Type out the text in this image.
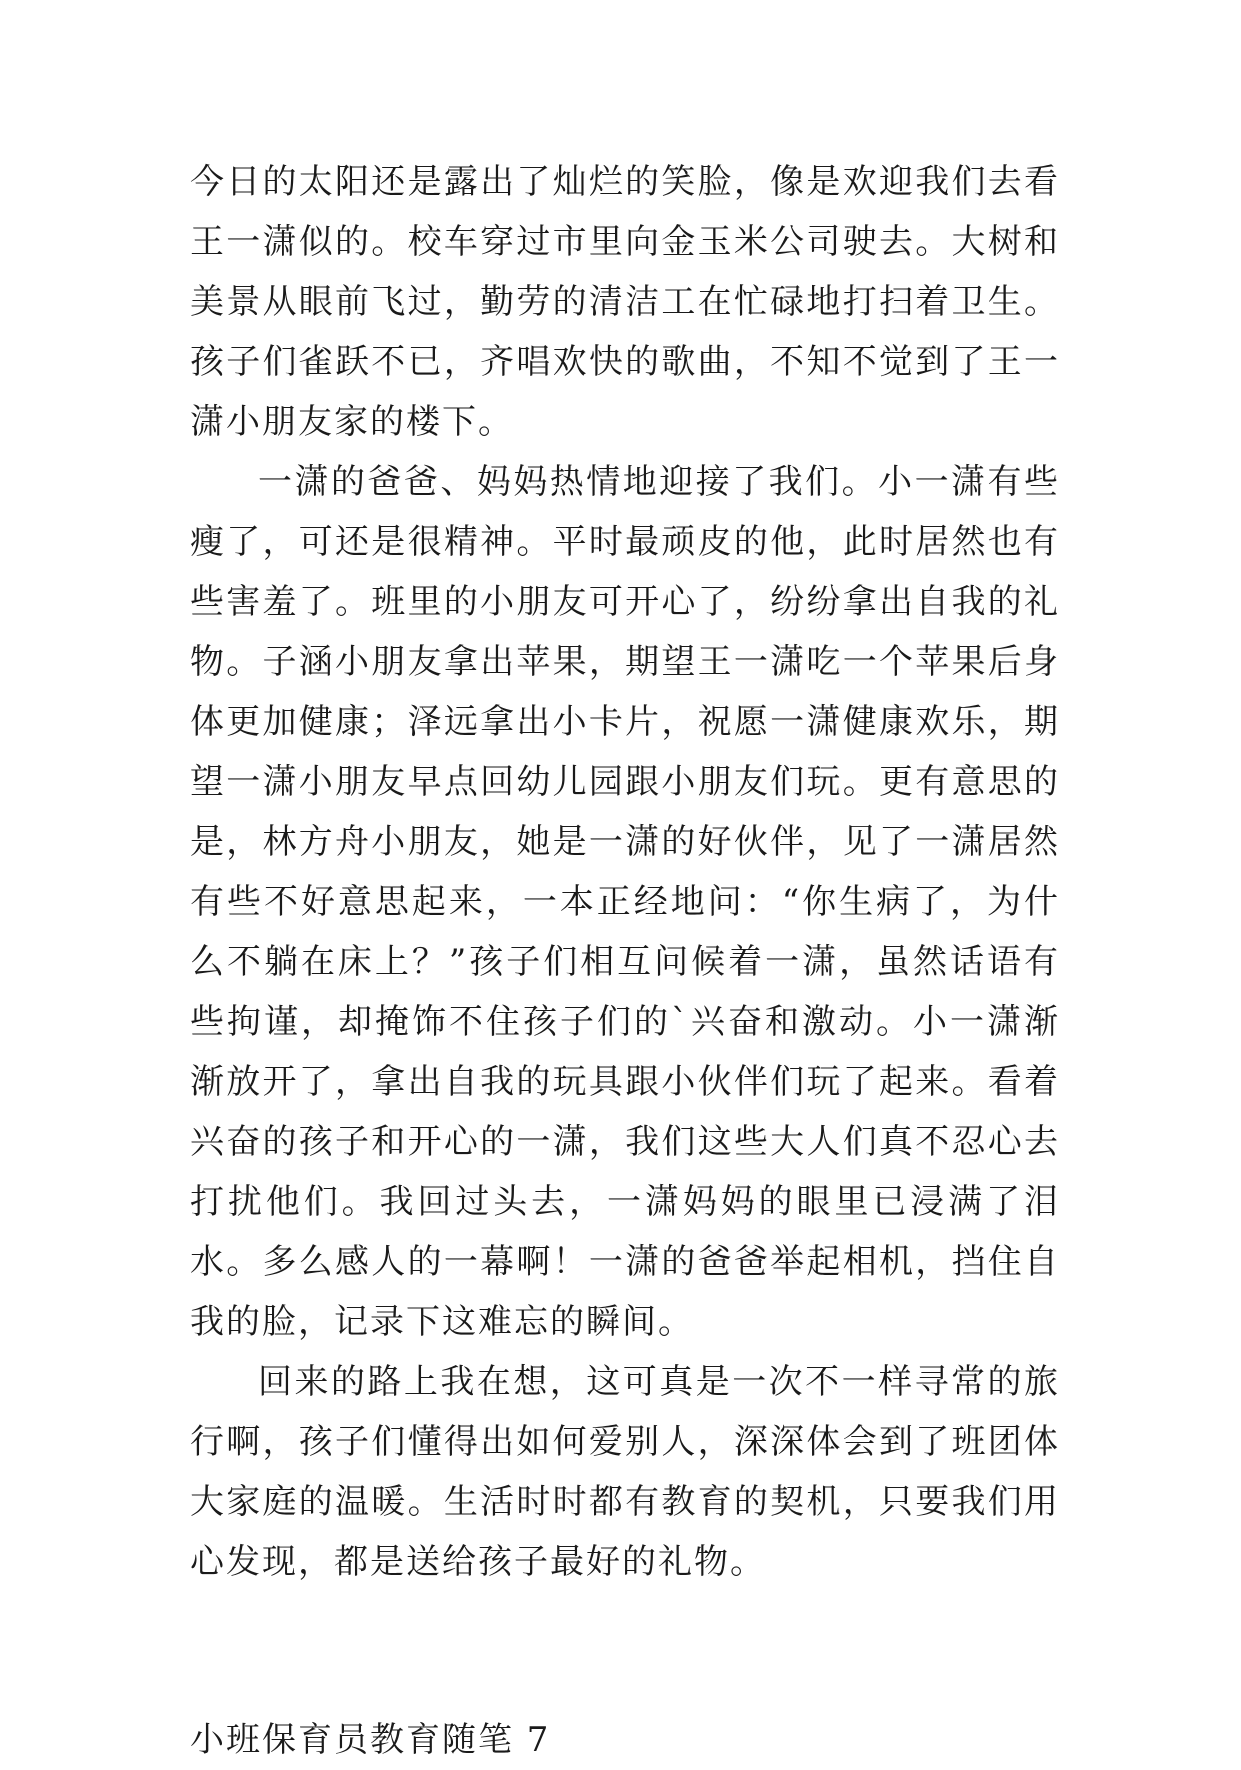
今日的太阳还是露出了灿烂的笑脸，像是欢迎我们去看王一潇似的。校车穿过市里向金玉米公司驶去。大树和美景从眼前飞过，勤劳的清洁工在忙碌地打扫着卫生。孩子们雀跃不已，齐唱欢快的歌曲，不知不觉到了王一潇小朋友家的楼下。

一潇的爸爸、妈妈热情地迎接了我们。小一潇有些瘦了，可还是很精神。平时最顽皮的他，此时居然也有些害羞了。班里的小朋友可开心了，纷纷拿出自我的礼物。子涵小朋友拿出苹果，期望王一潇吃一个苹果后身体更加健康；泽远拿出小卡片，祝愿一潇健康欢乐，期望一潇小朋友早点回幼儿园跟小朋友们玩。更有意思的是，林方舟小朋友，她是一潇的好伙伴，见了一潇居然有些不好意思起来，一本正经地问：“你生病了，为什么不躺在床上？”孩子们相互问候着一潇，虽然话语有些拘谨，却掩饰不住孩子们的`兴奋和激动。小一潇渐渐放开了，拿出自我的玩具跟小伙伴们玩了起来。看着兴奋的孩子和开心的一潇，我们这些大人们真不忍心去打扰他们。我回过头去，一潇妈妈的眼里已浸满了泪水。多么感人的一幕啊！一潇的爸爸举起相机，挡住自我的脸，记录下这难忘的瞬间。

回来的路上我在想，这可真是一次不一样寻常的旅行啊，孩子们懂得出如何爱别人，深深体会到了班团体大家庭的温暖。生活时时都有教育的契机，只要我们用心发现，都是送给孩子最好的礼物。

小班保育员教育随笔 7
